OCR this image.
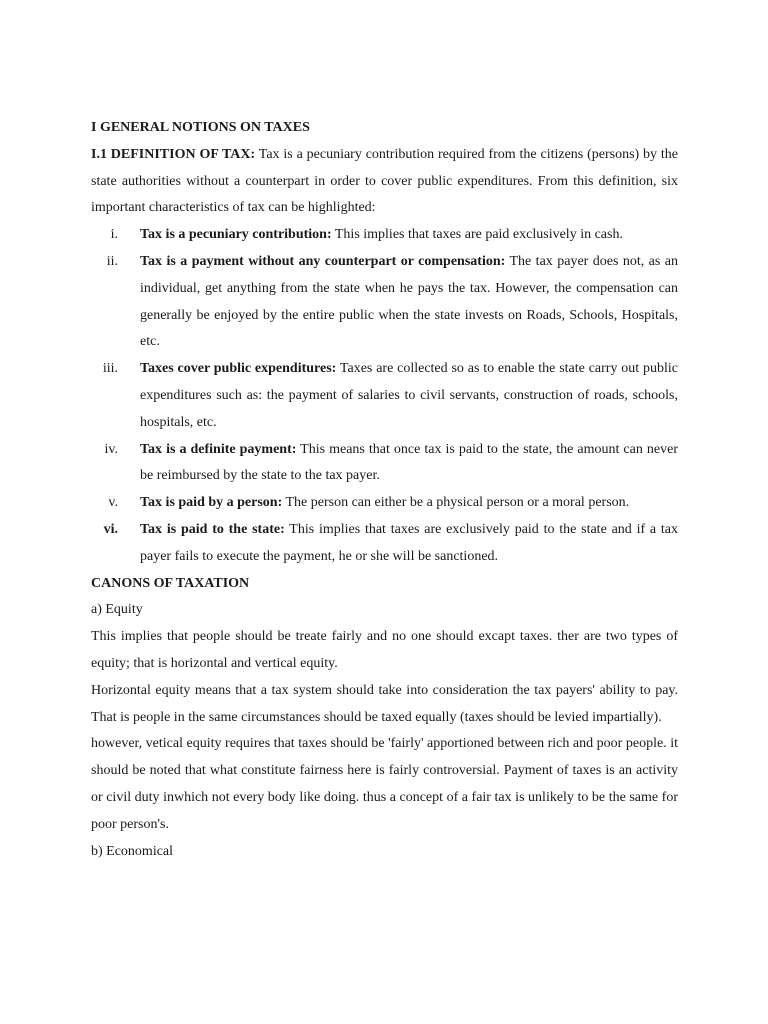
I GENERAL NOTIONS ON TAXES

I.1 DEFINITION OF TAX: Tax is a pecuniary contribution required from the citizens (persons) by the state authorities without a counterpart in order to cover public expenditures. From this definition, six important characteristics of tax can be highlighted:

i. Tax is a pecuniary contribution: This implies that taxes are paid exclusively in cash.
ii. Tax is a payment without any counterpart or compensation: The tax payer does not, as an individual, get anything from the state when he pays the tax. However, the compensation can generally be enjoyed by the entire public when the state invests on Roads, Schools, Hospitals, etc.
iii. Taxes cover public expenditures: Taxes are collected so as to enable the state carry out public expenditures such as: the payment of salaries to civil servants, construction of roads, schools, hospitals, etc.
iv. Tax is a definite payment: This means that once tax is paid to the state, the amount can never be reimbursed by the state to the tax payer.
v. Tax is paid by a person: The person can either be a physical person or a moral person.
vi. Tax is paid to the state: This implies that taxes are exclusively paid to the state and if a tax payer fails to execute the payment, he or she will be sanctioned.
CANONS OF TAXATION
a) Equity

This implies that people should be treate fairly and no one should excapt taxes. ther are two types of equity; that is horizontal and vertical equity.

Horizontal equity means that a tax system should take into consideration the tax payers' ability to pay. That is people in the same circumstances should be taxed equally (taxes should be levied impartially).

however, vetical equity requires that taxes should be 'fairly' apportioned between rich and poor people. it should be noted that what constitute fairness here is fairly controversial. Payment of taxes is an activity or civil duty inwhich not every body like doing. thus a concept of a fair tax is unlikely to be the same for poor person's.

b) Economical
